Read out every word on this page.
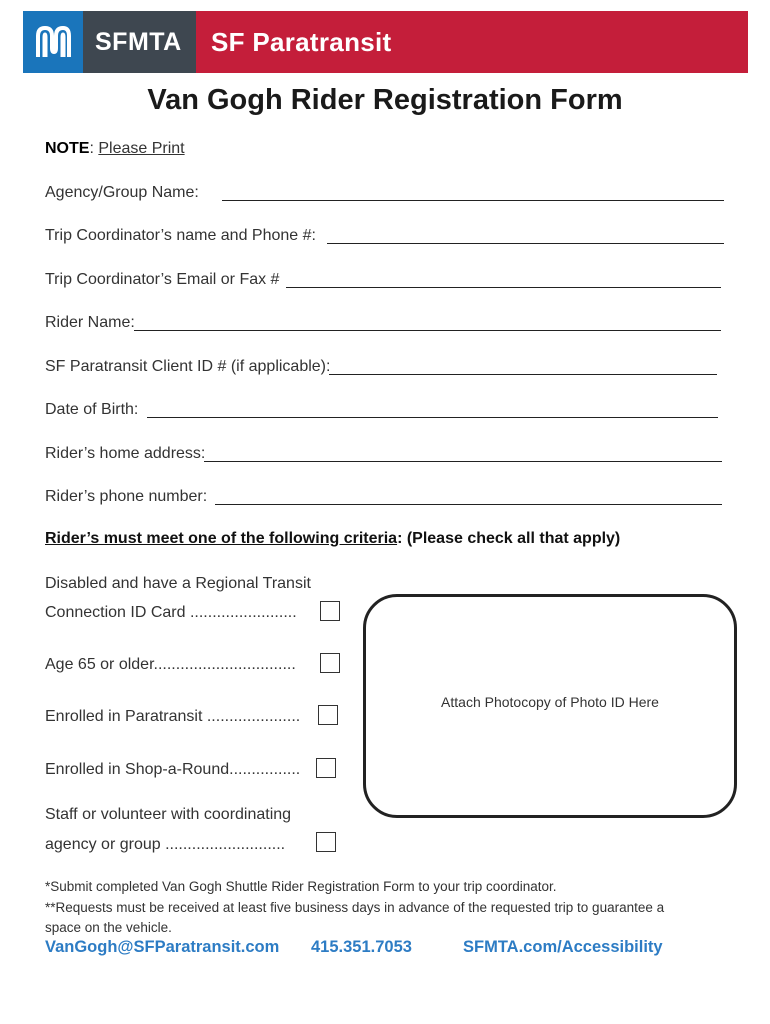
SFMTA SF Paratransit
Van Gogh Rider Registration Form
NOTE: Please Print
Agency/Group Name:
Trip Coordinator’s name and Phone #:
Trip Coordinator’s Email or Fax #
Rider Name:
SF Paratransit Client ID # (if applicable):
Date of Birth:
Rider’s home address:
Rider’s phone number:
Rider’s must meet one of the following criteria: (Please check all that apply)
Disabled and have a Regional Transit
Connection ID Card ........................
Age 65 or older................................
Enrolled in Paratransit .....................
Enrolled in Shop-a-Round................
Staff or volunteer with coordinating
agency or group ...........................
Attach Photocopy of Photo ID Here
*Submit completed Van Gogh Shuttle Rider Registration Form to your trip coordinator.
**Requests must be received at least five business days in advance of the requested trip to guarantee a
space on the vehicle.
VanGogh@SFParatransit.com 415.351.7053	SFMTA.com/Accessibility
